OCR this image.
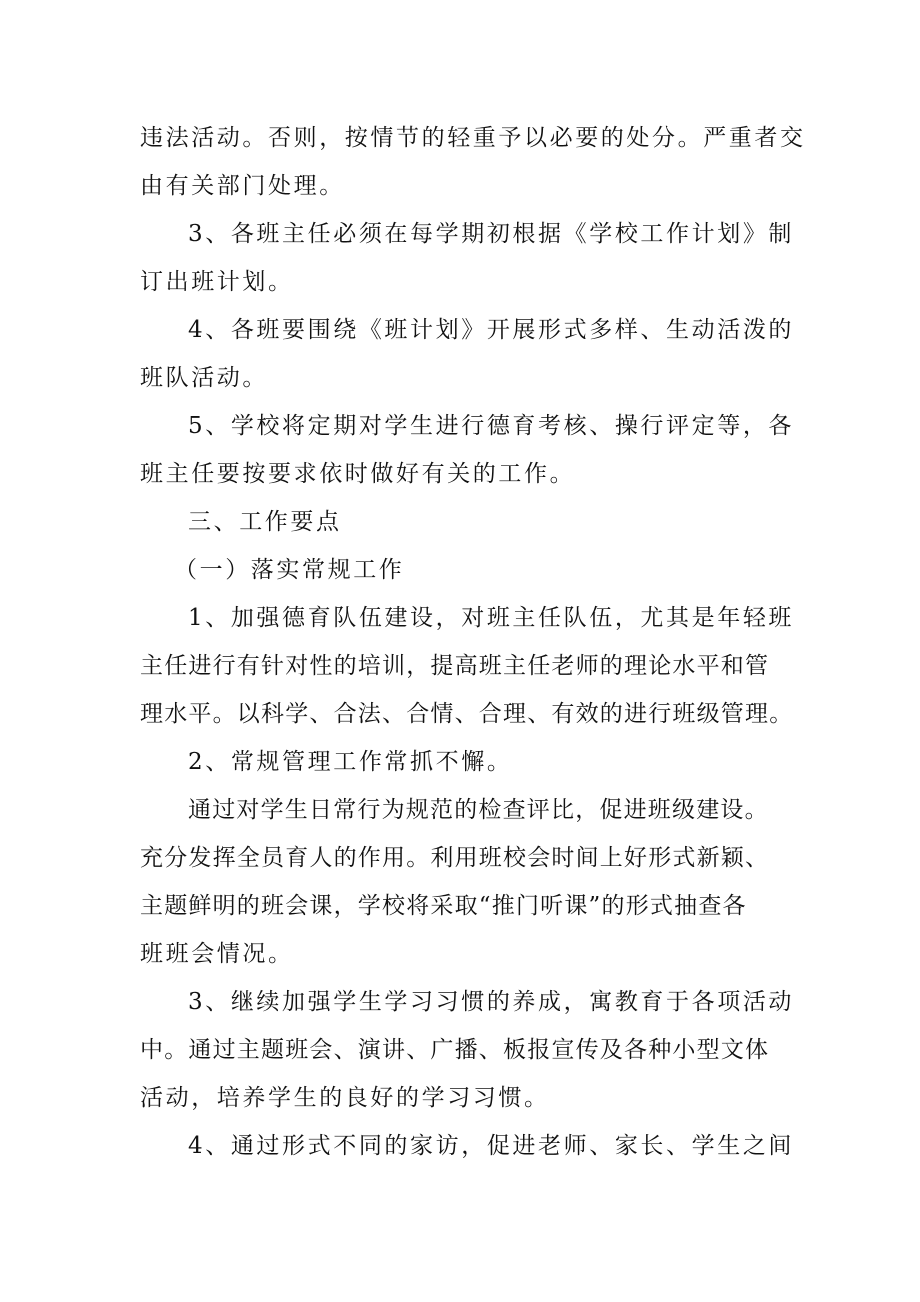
违法活动。否则，按情节的轻重予以必要的处分。严重者交
由有关部门处理。
3、各班主任必须在每学期初根据《学校工作计划》制
订出班计划。
4、各班要围绕《班计划》开展形式多样、生动活泼的
班队活动。
5、学校将定期对学生进行德育考核、操行评定等，各
班主任要按要求依时做好有关的工作。
三、工作要点
（一）落实常规工作
1、加强德育队伍建设，对班主任队伍，尤其是年轻班
主任进行有针对性的培训，提高班主任老师的理论水平和管
理水平。以科学、合法、合情、合理、有效的进行班级管理。
2、常规管理工作常抓不懈。
通过对学生日常行为规范的检查评比，促进班级建设。
充分发挥全员育人的作用。利用班校会时间上好形式新颖、
主题鲜明的班会课，学校将采取“推门听课”的形式抽查各
班班会情况。
3、继续加强学生学习习惯的养成，寓教育于各项活动
中。通过主题班会、演讲、广播、板报宣传及各种小型文体
活动，培养学生的良好的学习习惯。
4、通过形式不同的家访，促进老师、家长、学生之间
